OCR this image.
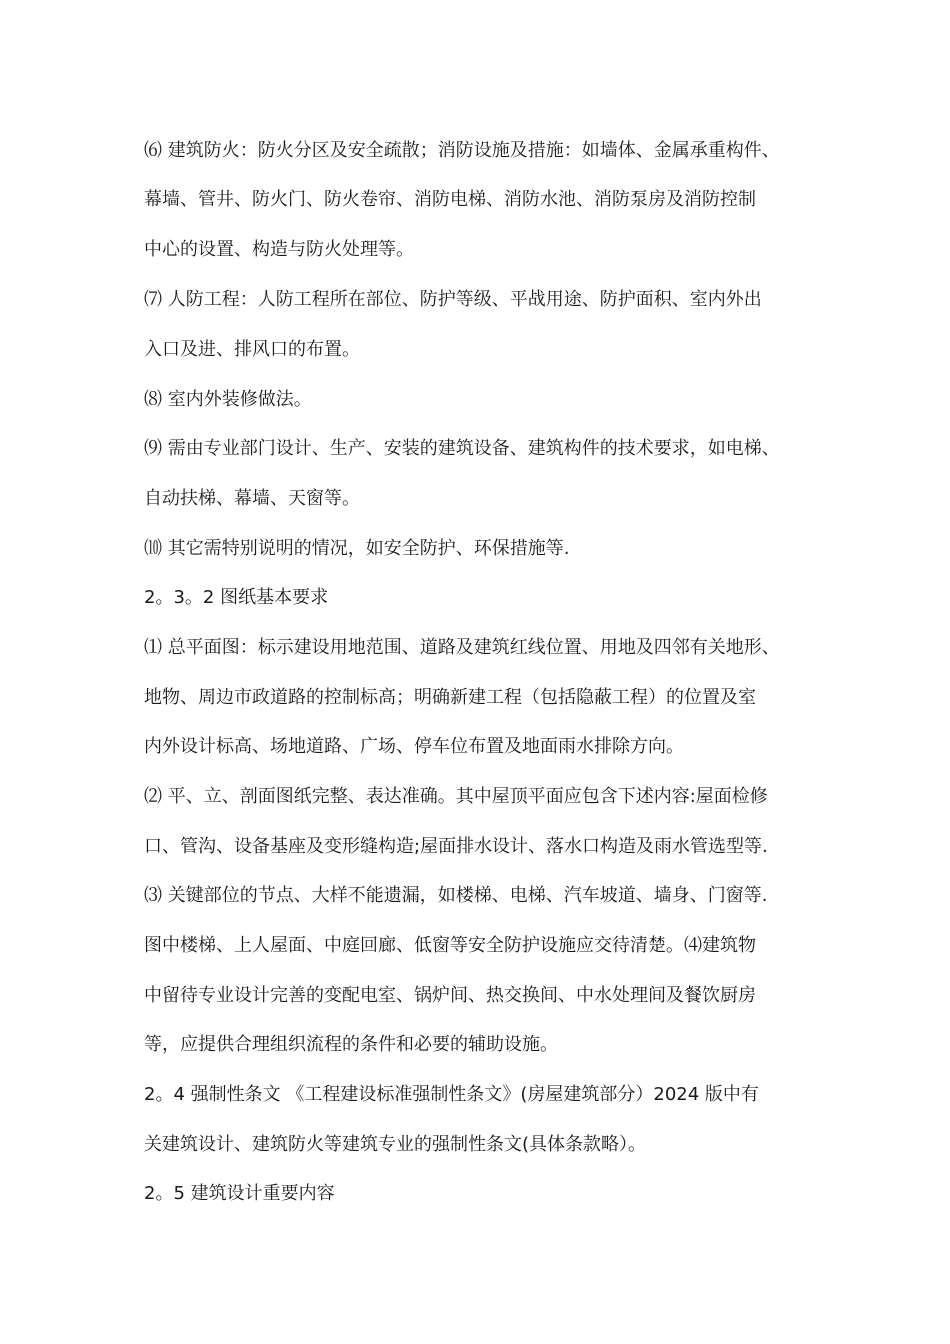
⑹ 建筑防火：防火分区及安全疏散；消防设施及措施：如墙体、金属承重构件、
幕墙、管井、防火门、防火卷帘、消防电梯、消防水池、消防泵房及消防控制
中心的设置、构造与防火处理等。
⑺ 人防工程：人防工程所在部位、防护等级、平战用途、防护面积、室内外出
入口及进、排风口的布置。
⑻ 室内外装修做法。
⑼ 需由专业部门设计、生产、安装的建筑设备、建筑构件的技术要求，如电梯、
自动扶梯、幕墙、天窗等。
⑽ 其它需特别说明的情况，如安全防护、环保措施等.
2。3。2 图纸基本要求
⑴ 总平面图：标示建设用地范围、道路及建筑红线位置、用地及四邻有关地形、
地物、周边市政道路的控制标高；明确新建工程（包括隐蔽工程）的位置及室
内外设计标高、场地道路、广场、停车位布置及地面雨水排除方向。
⑵ 平、立、剖面图纸完整、表达准确。其中屋顶平面应包含下述内容:屋面检修
口、管沟、设备基座及变形缝构造;屋面排水设计、落水口构造及雨水管选型等.
⑶ 关键部位的节点、大样不能遗漏，如楼梯、电梯、汽车坡道、墙身、门窗等.
图中楼梯、上人屋面、中庭回廊、低窗等安全防护设施应交待清楚。⑷建筑物
中留待专业设计完善的变配电室、锅炉间、热交换间、中水处理间及餐饮厨房
等，应提供合理组织流程的条件和必要的辅助设施。
2。4 强制性条文 《工程建设标准强制性条文》(房屋建筑部分）2024 版中有
关建筑设计、建筑防火等建筑专业的强制性条文(具体条款略）。
2。5 建筑设计重要内容
